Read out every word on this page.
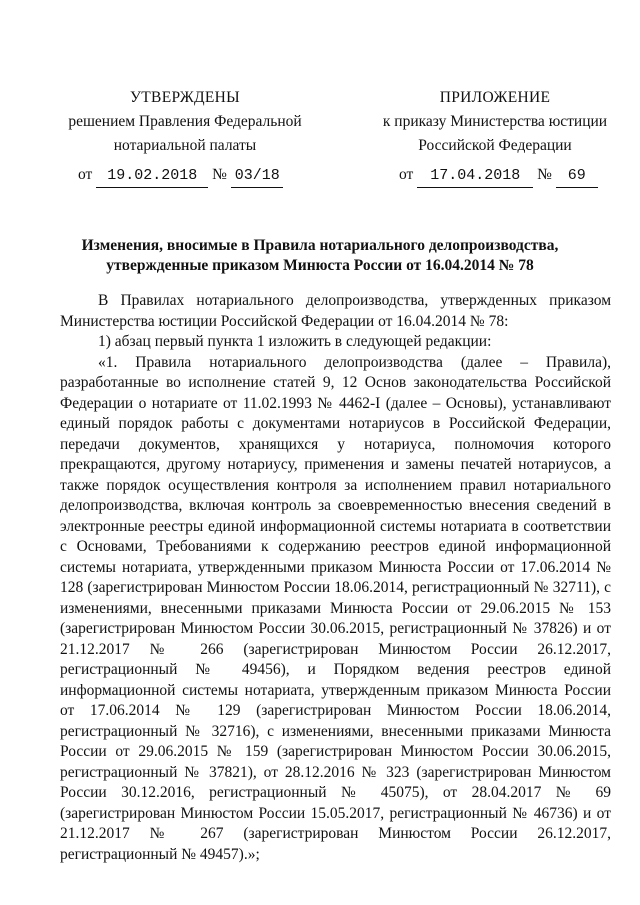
УТВЕРЖДЕНЫ
решением Правления Федеральной
нотариальной палаты
ПРИЛОЖЕНИЕ
к приказу Министерства юстиции
Российской Федерации
от 19.02.2018 № 03/18	от 17.04.2018 № 69
Изменения, вносимые в Правила нотариального делопроизводства,
утвержденные приказом Минюста России от 16.04.2014 № 78

В Правилах нотариального делопроизводства, утвержденных приказом Министерства юстиции Российской Федерации от 16.04.2014 № 78:

1) абзац первый пункта 1 изложить в следующей редакции:

«1. Правила нотариального делопроизводства (далее – Правила), разработанные во исполнение статей 9, 12 Основ законодательства Российской Федерации о нотариате от 11.02.1993 № 4462-I (далее – Основы), устанавливают единый порядок работы с документами нотариусов в Российской Федерации, передачи документов, хранящихся у нотариуса, полномочия которого прекращаются, другому нотариусу, применения и замены печатей нотариусов, а также порядок осуществления контроля за исполнением правил нотариального делопроизводства, включая контроль за своевременностью внесения сведений в электронные реестры единой информационной системы нотариата в соответствии с Основами, Требованиями к содержанию реестров единой информационной системы нотариата, утвержденными приказом Минюста России от 17.06.2014 № 128 (зарегистрирован Минюстом России 18.06.2014, регистрационный № 32711), с изменениями, внесенными приказами Минюста России от 29.06.2015 № 153 (зарегистрирован Минюстом России 30.06.2015, регистрационный № 37826) и от 21.12.2017 № 266 (зарегистрирован Минюстом России 26.12.2017, регистрационный № 49456), и Порядком ведения реестров единой информационной системы нотариата, утвержденным приказом Минюста России от 17.06.2014 № 129 (зарегистрирован Минюстом России 18.06.2014, регистрационный № 32716), с изменениями, внесенными приказами Минюста России от 29.06.2015 № 159 (зарегистрирован Минюстом России 30.06.2015, регистрационный № 37821), от 28.12.2016 № 323 (зарегистрирован Минюстом России 30.12.2016, регистрационный № 45075), от 28.04.2017 № 69 (зарегистрирован Минюстом России 15.05.2017, регистрационный № 46736) и от 21.12.2017 № 267 (зарегистрирован Минюстом России 26.12.2017, регистрационный № 49457).»;
